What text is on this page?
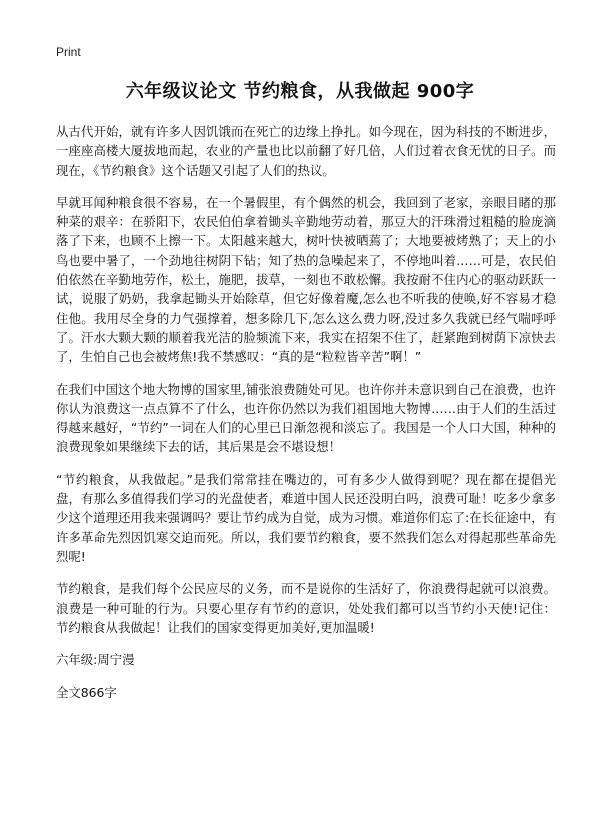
Print
六年级议论文 节约粮食，从我做起 900字

从古代开始，就有许多人因饥饿而在死亡的边缘上挣扎。如今现在，因为科技的不断进步，一座座高楼大厦拔地而起，农业的产量也比以前翻了好几倍，人们过着衣食无忧的日子。而现在，《节约粮食》这个话题又引起了人们的热议。

早就耳闻种粮食很不容易，在一个暑假里，有个偶然的机会，我回到了老家，亲眼目睹的那种菜的艰辛：在骄阳下，农民伯伯拿着锄头辛勤地劳动着，那豆大的汗珠滑过粗糙的脸庞滴落了下来，也顾不上擦一下。太阳越来越大，树叶快被晒蔫了；大地要被烤熟了；天上的小鸟也要中暑了，一个劲地往树阴下钻；知了热的急噪起来了，不停地叫着……可是，农民伯伯依然在辛勤地劳作，松土，施肥，拔草，一刻也不敢松懈。我按耐不住内心的驱动跃跃一试，说服了奶奶，我拿起锄头开始除草，但它好像着魔,怎么也不听我的使唤,好不容易才稳住他。我用尽全身的力气强撑着，想多除几下,怎么这么费力呀,没过多久我就已经气喘呼呼了。汗水大颗大颗的顺着我光洁的脸频流下来，我实在招架不住了，赶紧跑到树荫下凉快去了，生怕自己也会被烤焦!我不禁感叹：“真的是“粒粒皆辛苦”啊！”

在我们中国这个地大物博的国家里,铺张浪费随处可见。也许你并未意识到自己在浪费，也许你认为浪费这一点点算不了什么，也许你仍然以为我们祖国地大物博……由于人们的生活过得越来越好，“节约”一词在人们的心里已日渐忽视和淡忘了。我国是一个人口大国，种种的浪费现象如果继续下去的话，其后果是会不堪设想！

“节约粮食，从我做起。”是我们常常挂在嘴边的，可有多少人做得到呢？现在都在提倡光盘，有那么多值得我们学习的光盘使者，难道中国人民还没明白吗，浪费可耻！吃多少拿多少这个道理还用我来强调吗？要让节约成为自觉，成为习惯。难道你们忘了:在长征途中，有许多革命先烈因饥寒交迫而死。所以，我们要节约粮食，要不然我们怎么对得起那些革命先烈呢!

节约粮食，是我们每个公民应尽的义务，而不是说你的生活好了，你浪费得起就可以浪费。浪费是一种可耻的行为。只要心里存有节约的意识，处处我们都可以当节约小天使!记住：节约粮食从我做起！让我们的国家变得更加美好,更加温暖!

六年级:周宁漫

全文866字
